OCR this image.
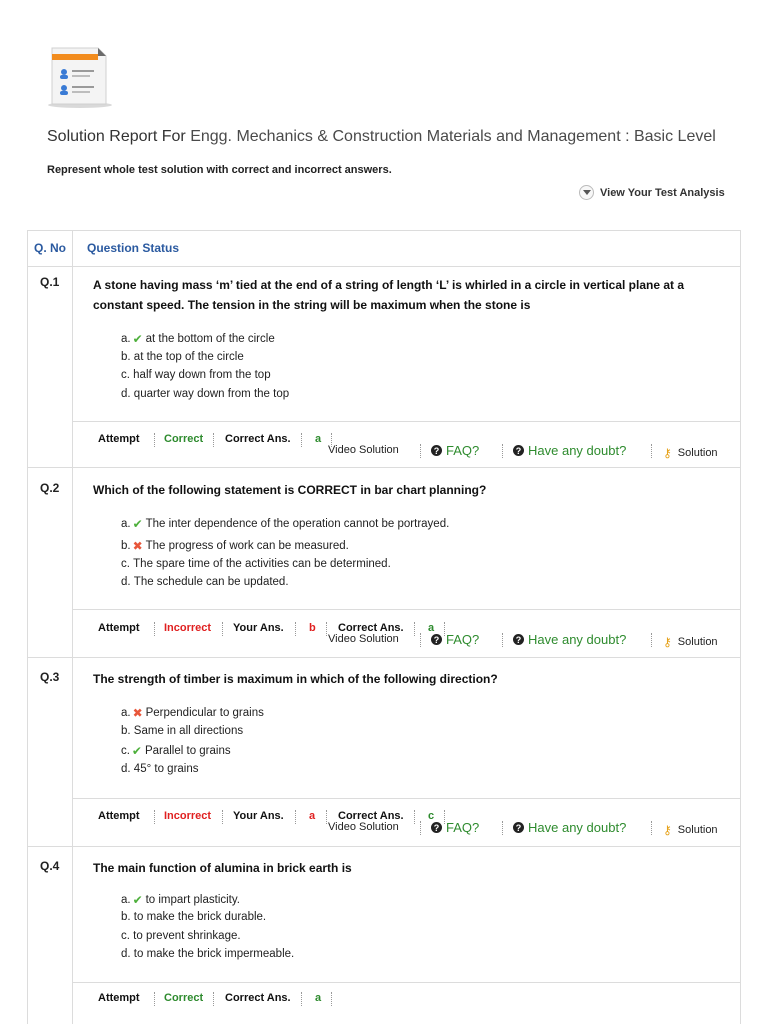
Solution Report For Engg. Mechanics & Construction Materials and Management : Basic Level
Represent whole test solution with correct and incorrect answers.
View Your Test Analysis
Q. No Question Status
Q.1	A stone having mass ‘m’ tied at the end of a string of length ‘L’ is whirled in a circle in vertical plane at a constant speed. The tension in the string will be maximum when the stone is
a. ✔ at the bottom of the circle
b.
at the top of the circle
c.
half way down from the top
d.
quarter way down from the top
Attempt Correct Correct Ans. a
Video Solution	? FAQ?	? Have any doubt?	⚷ Solution
Q.2	Which of the following statement is CORRECT in bar chart planning?
a. ✔ The inter dependence of the operation cannot be portrayed.
b. ✖ The progress of work can be measured.
c.
The spare time of the activities can be determined.
d.
The schedule can be updated.
Attempt Incorrect Your Ans. b Correct Ans. a
Video Solution	? FAQ?	? Have any doubt?	⚷ Solution
Q.3	The strength of timber is maximum in which of the following direction?
a. ✖ Perpendicular to grains
b.
Same in all directions
c. ✔ Parallel to grains
d.
45° to grains
Attempt Incorrect Your Ans. a Correct Ans. c
Video Solution	? FAQ?	? Have any doubt?	⚷ Solution
Q.4	The main function of alumina in brick earth is
a. ✔ to impart plasticity.
b.
to make the brick durable.
c.
to prevent shrinkage.
d.
to make the brick impermeable.
Attempt Correct Correct Ans. a
